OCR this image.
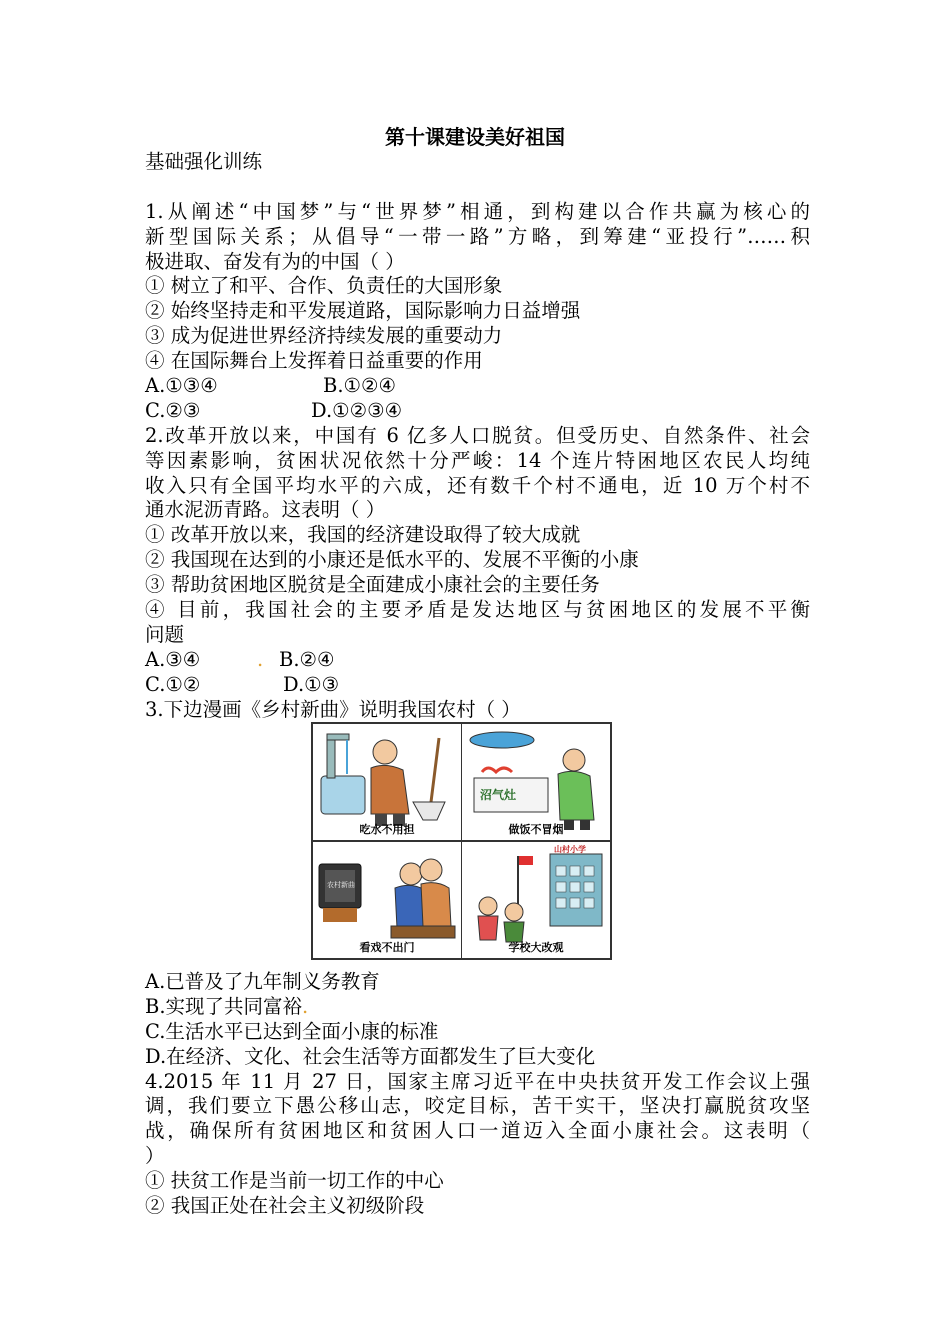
第十课建设美好祖国
基础强化训练
1.从阐述“中国梦”与“世界梦”相通，到构建以合作共赢为核心的
新型国际关系；从倡导“一带一路”方略，到筹建“亚投行”……积
极进取、奋发有为的中国（ ）
① 树立了和平、合作、负责任的大国形象
② 始终坚持走和平发展道路，国际影响力日益增强
③ 成为促进世界经济持续发展的重要动力
④ 在国际舞台上发挥着日益重要的作用
A.①③④	B.①②④
C.②③	D.①②③④
2.改革开放以来，中国有 6 亿多人口脱贫。但受历史、自然条件、社会
等因素影响，贫困状况依然十分严峻：14 个连片特困地区农民人均纯
收入只有全国平均水平的六成，还有数千个村不通电，近 10 万个村不
通水泥沥青路。这表明（ ）
① 改革开放以来，我国的经济建设取得了较大成就
② 我国现在达到的小康还是低水平的、发展不平衡的小康
③ 帮助贫困地区脱贫是全面建成小康社会的主要任务
④ 目前，我国社会的主要矛盾是发达地区与贫困地区的发展不平衡
问题
A.③④	. B.②④
C.①②	D.①③
3.下边漫画《乡村新曲》说明我国农村（ ）
吃水不用担
沼气灶
做饭不冒烟
农村新曲
看戏不出门
山村小学
学校大改观
A.已普及了九年制义务教育
B.实现了共同富裕.
C.生活水平已达到全面小康的标准
D.在经济、文化、社会生活等方面都发生了巨大变化
4.2015 年 11 月 27 日，国家主席习近平在中央扶贫开发工作会议上强
调，我们要立下愚公移山志，咬定目标，苦干实干，坚决打赢脱贫攻坚
战，确保所有贫困地区和贫困人口一道迈入全面小康社会。这表明（
）
① 扶贫工作是当前一切工作的中心
② 我国正处在社会主义初级阶段
